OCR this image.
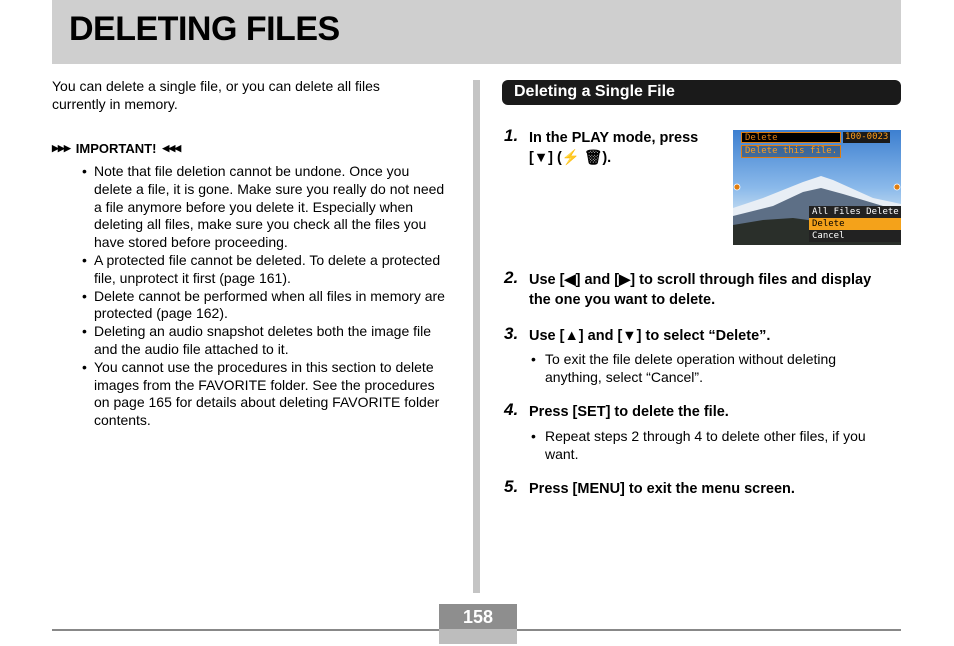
DELETING FILES
You can delete a single file, or you can delete all files currently in memory.
▶▶▶ IMPORTANT! ◀◀◀
• Note that file deletion cannot be undone. Once you delete a file, it is gone. Make sure you really do not need a file anymore before you delete it. Especially when deleting all files, make sure you check all the files you have stored before proceeding.
• A protected file cannot be deleted. To delete a protected file, unprotect it first (page 161).
• Delete cannot be performed when all files in memory are protected (page 162).
• Deleting an audio snapshot deletes both the image file and the audio file attached to it.
• You cannot use the procedures in this section to delete images from the FAVORITE folder. See the procedures on page 165 for details about deleting FAVORITE folder contents.
Deleting a Single File
1. In the PLAY mode, press [▼] (⚡ 🗑).
Delete	100-0023
Delete this file.
All Files Delete
Delete
Cancel
2. Use [◀] and [▶] to scroll through files and display the one you want to delete.
3. Use [▲] and [▼] to select “Delete”.
• To exit the file delete operation without deleting anything, select “Cancel”.
4. Press [SET] to delete the file.
• Repeat steps 2 through 4 to delete other files, if you want.
5. Press [MENU] to exit the menu screen.
158
